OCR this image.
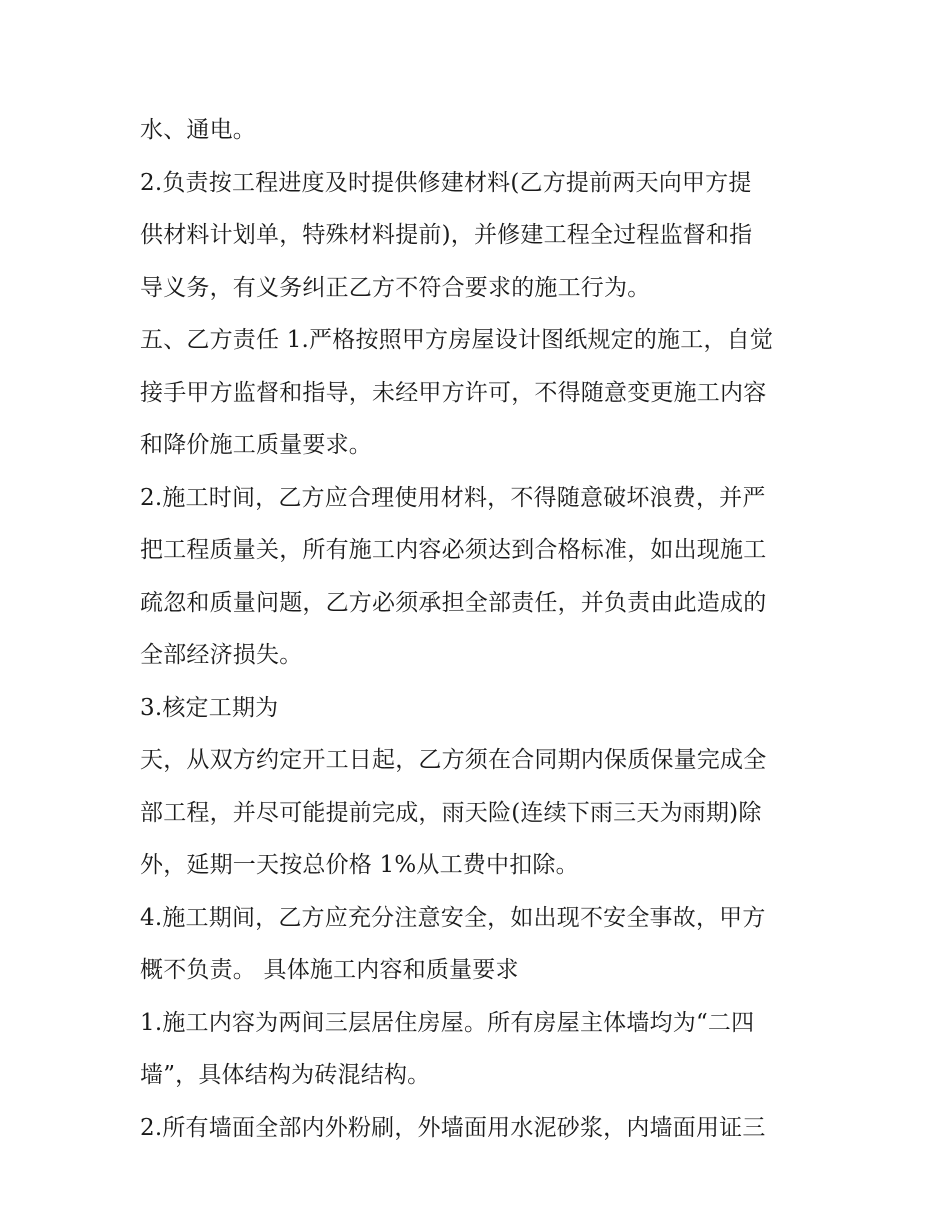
水、通电。
2.负责按工程进度及时提供修建材料(乙方提前两天向甲方提
供材料计划单，特殊材料提前)，并修建工程全过程监督和指
导义务，有义务纠正乙方不符合要求的施工行为。
五、乙方责任 1.严格按照甲方房屋设计图纸规定的施工，自觉
接手甲方监督和指导，未经甲方许可，不得随意变更施工内容
和降价施工质量要求。
2.施工时间，乙方应合理使用材料，不得随意破坏浪费，并严
把工程质量关，所有施工内容必须达到合格标准，如出现施工
疏忽和质量问题，乙方必须承担全部责任，并负责由此造成的
全部经济损失。
3.核定工期为
天，从双方约定开工日起，乙方须在合同期内保质保量完成全
部工程，并尽可能提前完成，雨天险(连续下雨三天为雨期)除
外，延期一天按总价格 1%从工费中扣除。
4.施工期间，乙方应充分注意安全，如出现不安全事故，甲方
概不负责。 具体施工内容和质量要求
1.施工内容为两间三层居住房屋。所有房屋主体墙均为“二四
墙”，具体结构为砖混结构。
2.所有墙面全部内外粉刷，外墙面用水泥砂浆，内墙面用证三
